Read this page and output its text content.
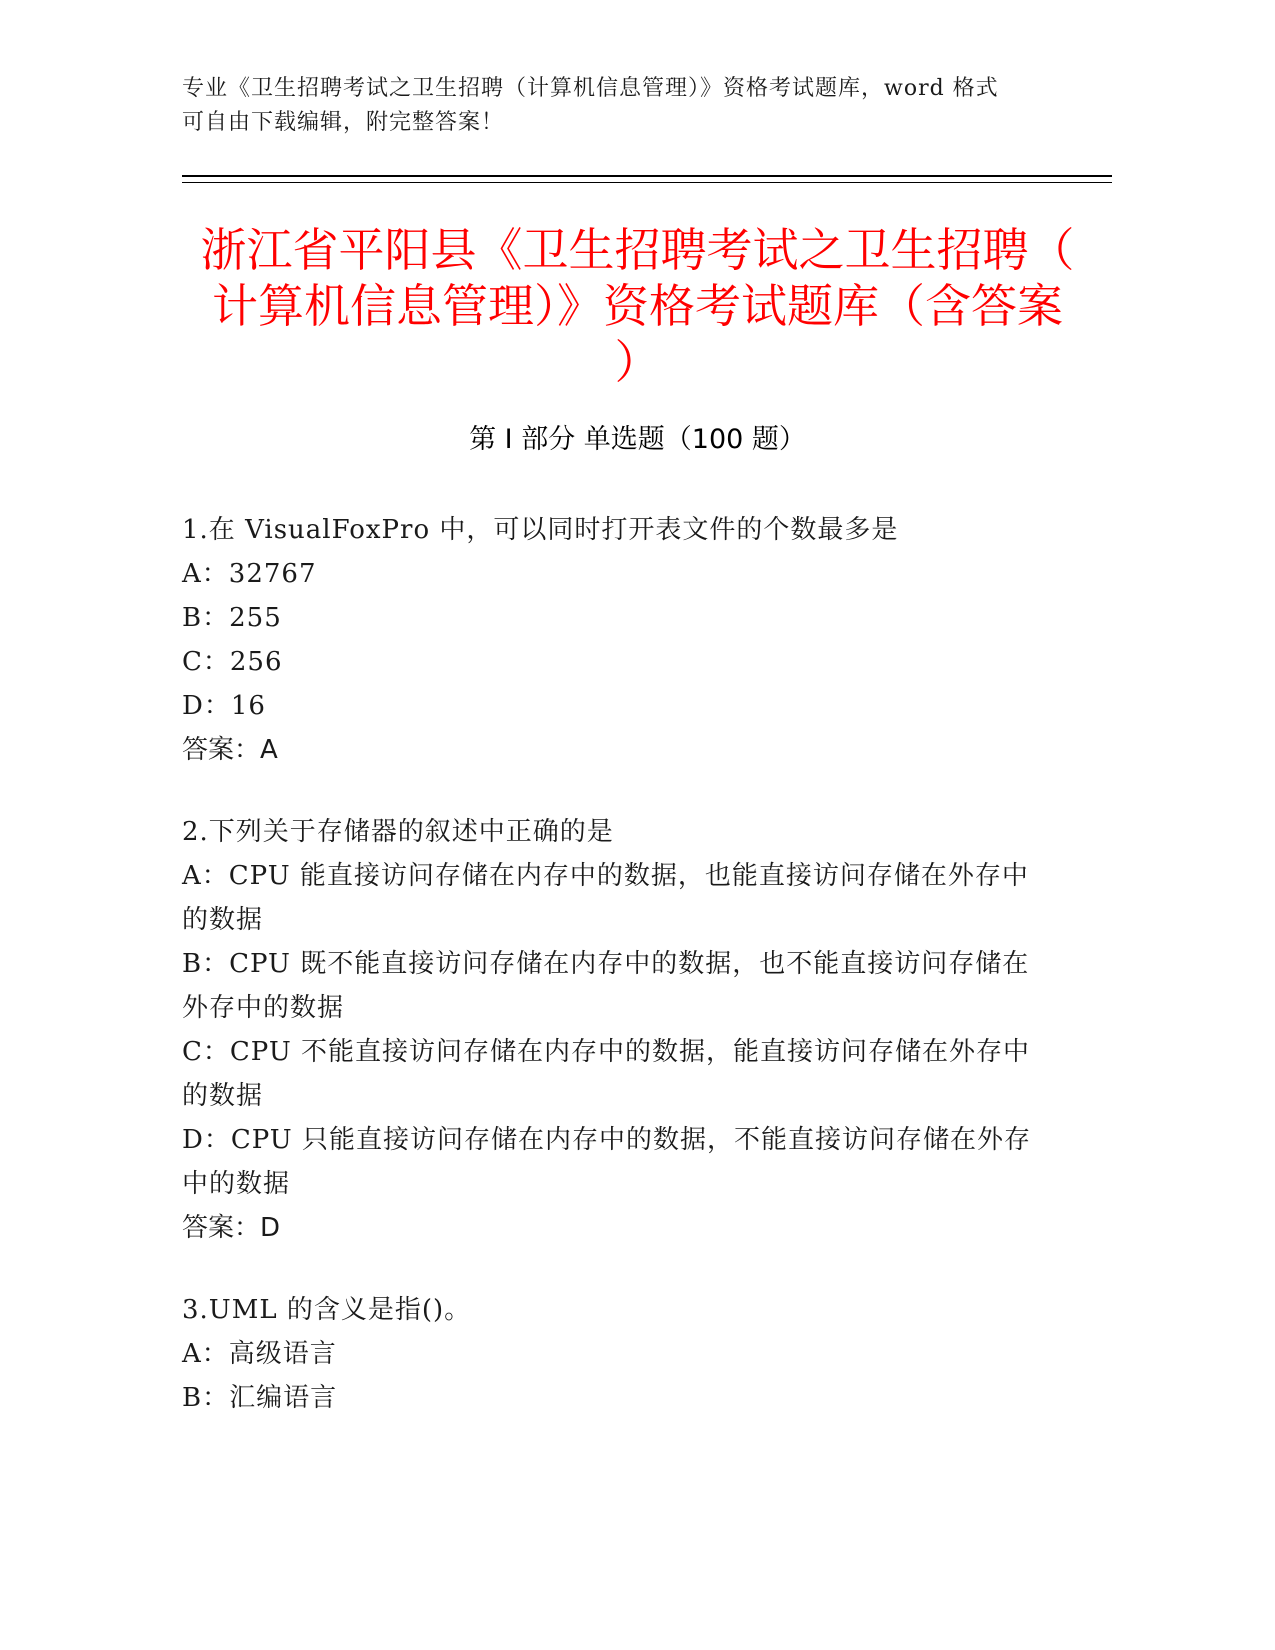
专业《卫生招聘考试之卫生招聘（计算机信息管理）》资格考试题库，word 格式
可自由下载编辑，附完整答案！
浙江省平阳县《卫生招聘考试之卫生招聘（
计算机信息管理）》资格考试题库（含答案
）
第 I 部分 单选题（100 题）
1.在 VisualFoxPro 中，可以同时打开表文件的个数最多是
A：32767
B：255
C：256
D：16
答案：A
2.下列关于存储器的叙述中正确的是
A：CPU 能直接访问存储在内存中的数据，也能直接访问存储在外存中
的数据
B：CPU 既不能直接访问存储在内存中的数据，也不能直接访问存储在
外存中的数据
C：CPU 不能直接访问存储在内存中的数据，能直接访问存储在外存中
的数据
D：CPU 只能直接访问存储在内存中的数据，不能直接访问存储在外存
中的数据
答案：D
3.UML 的含义是指()。
A：高级语言
B：汇编语言
